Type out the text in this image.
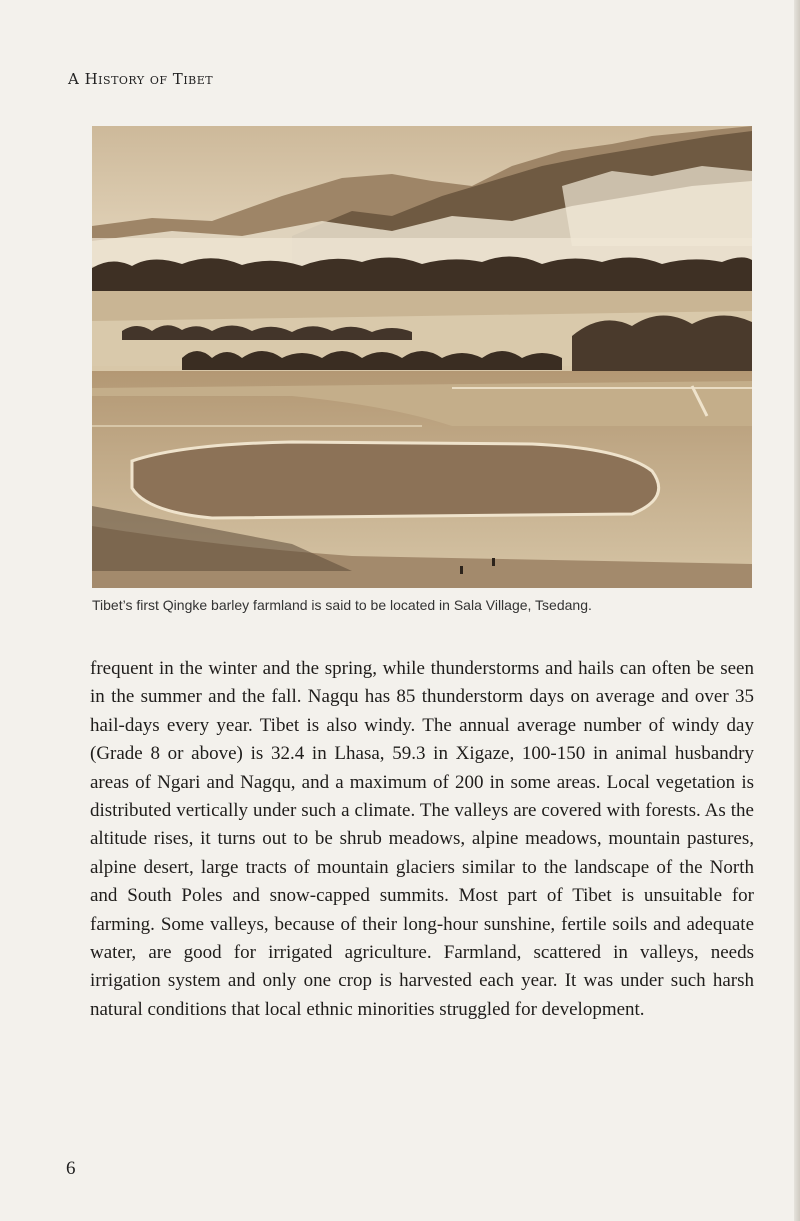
A History of Tibet
Tibet’s first Qingke barley farmland is said to be located in Sala Village, Tsedang.

frequent in the winter and the spring, while thunderstorms and hails can often be seen in the summer and the fall. Nagqu has 85 thunderstorm days on average and over 35 hail-days every year. Tibet is also windy. The annual average number of windy day (Grade 8 or above) is 32.4 in Lhasa, 59.3 in Xigaze, 100-150 in animal husbandry areas of Ngari and Nagqu, and a maximum of 200 in some areas. Local vegetation is distributed vertically under such a climate. The valleys are covered with forests. As the altitude rises, it turns out to be shrub meadows, alpine meadows, mountain pastures, alpine desert, large tracts of mountain glaciers similar to the landscape of the North and South Poles and snow-capped summits. Most part of Tibet is unsuitable for farming. Some valleys, because of their long-hour sunshine, fertile soils and adequate water, are good for irrigated agriculture. Farmland, scattered in valleys, needs irrigation system and only one crop is harvested each year. It was under such harsh natural conditions that local ethnic minorities struggled for development.

6
